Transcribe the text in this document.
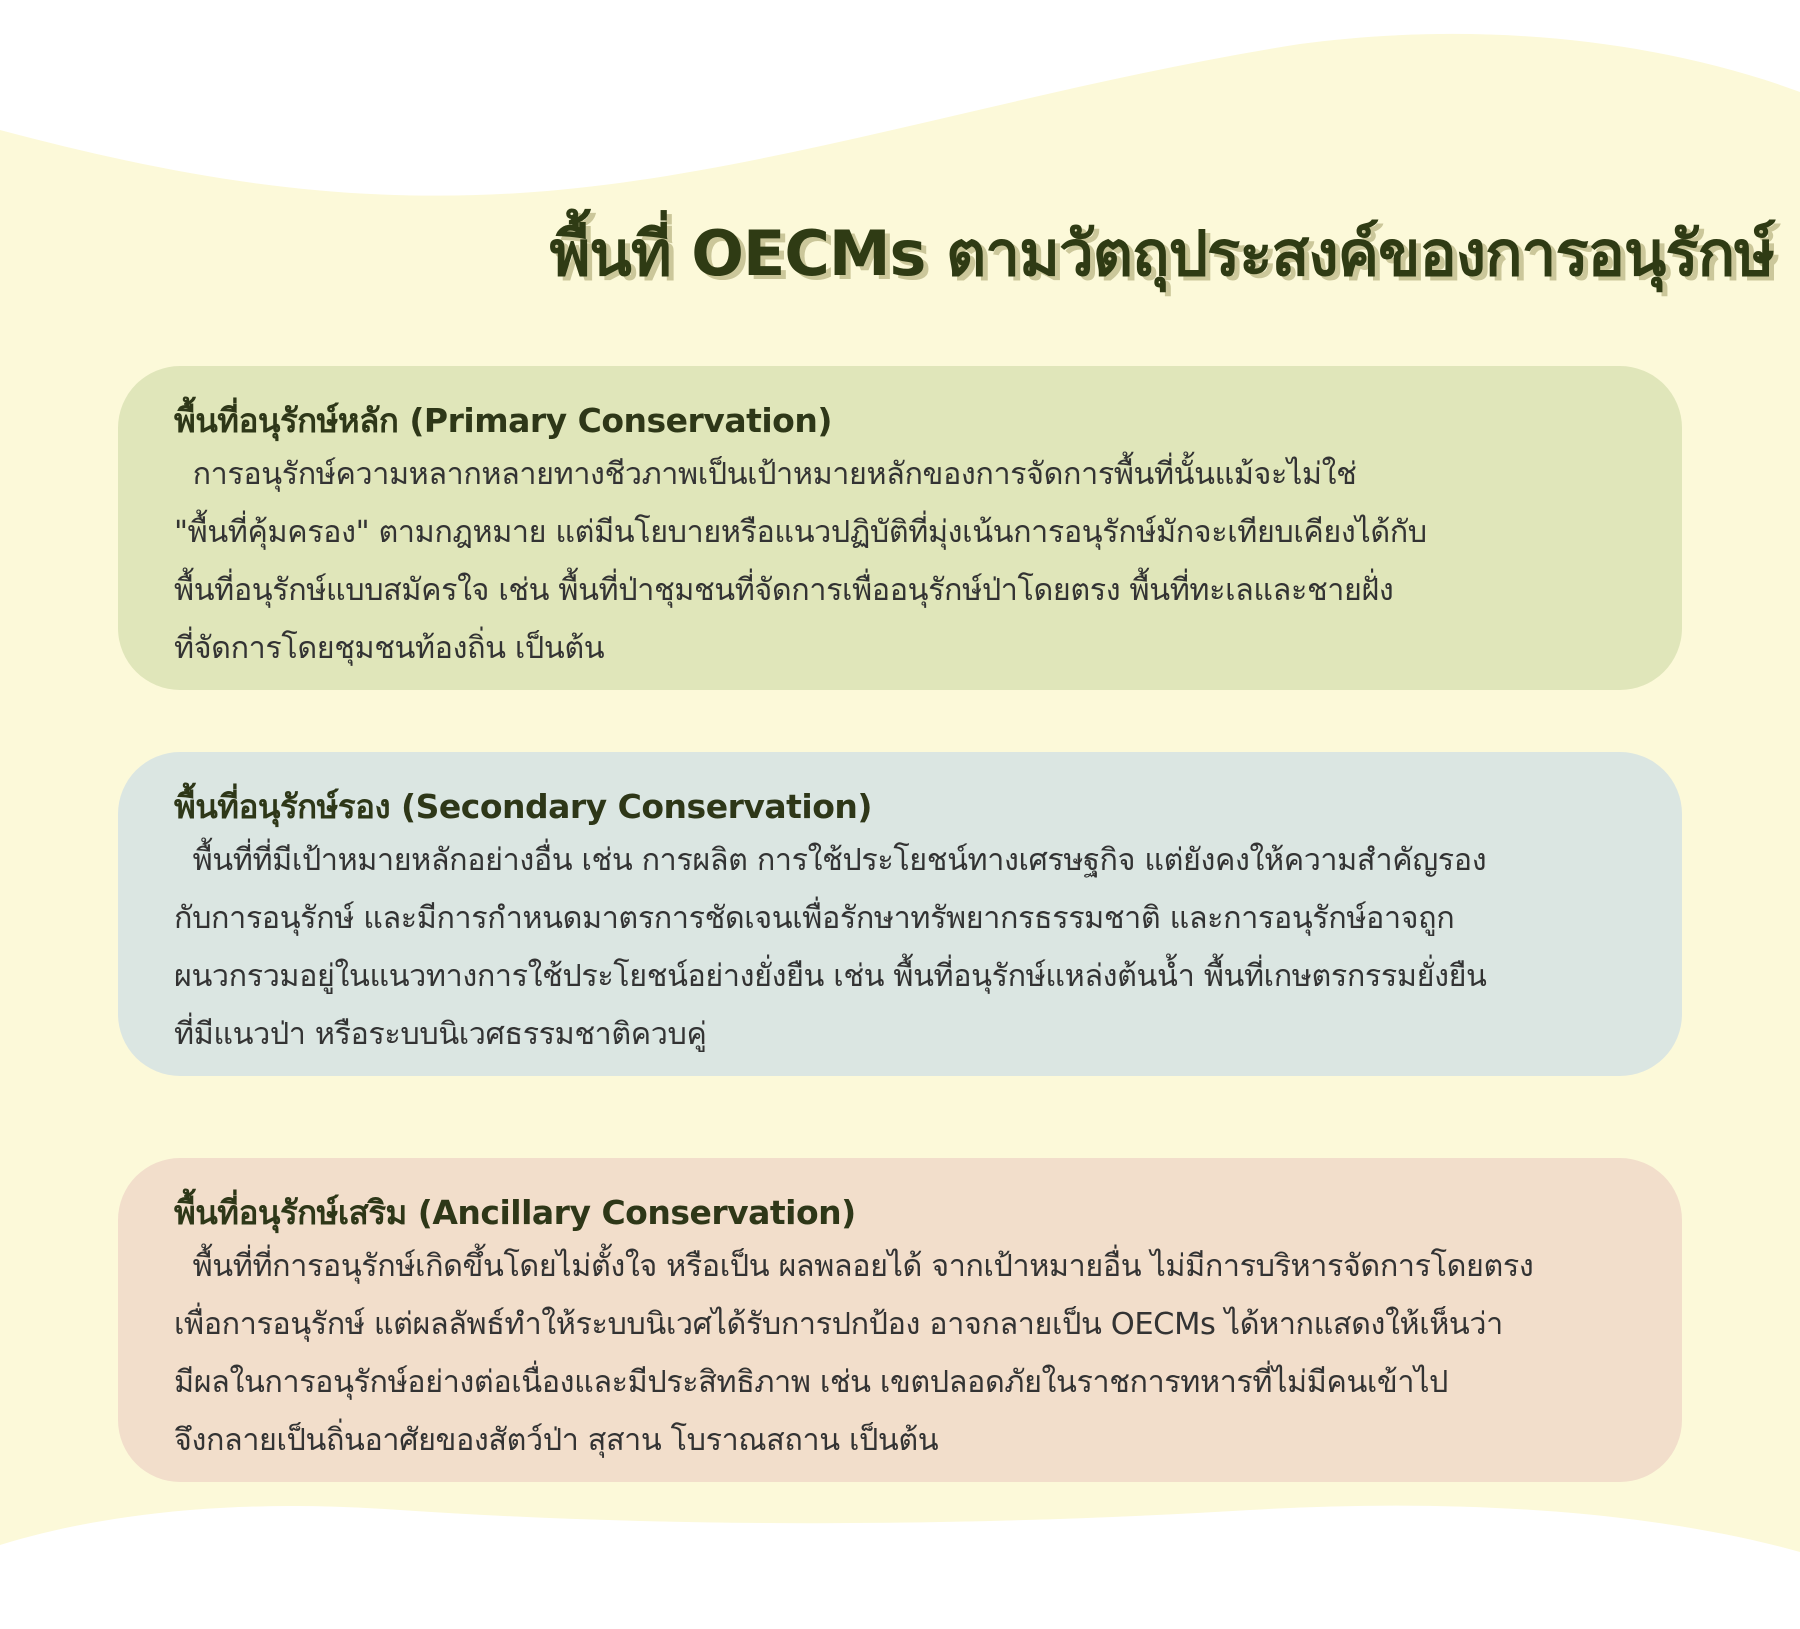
พื้นที่ OECMs ตามวัตถุประสงค์ของการอนุรักษ์
พื้นที่อนุรักษ์หลัก (Primary Conservation)

การอนุรักษ์ความหลากหลายทางชีวภาพเป็นเป้าหมายหลักของการจัดการพื้นที่นั้นแม้จะไม่ใช่
"พื้นที่คุ้มครอง" ตามกฎหมาย แต่มีนโยบายหรือแนวปฏิบัติที่มุ่งเน้นการอนุรักษ์มักจะเทียบเคียงได้กับ
พื้นที่อนุรักษ์แบบสมัครใจ เช่น พื้นที่ป่าชุมชนที่จัดการเพื่ออนุรักษ์ป่าโดยตรง พื้นที่ทะเลและชายฝั่ง
ที่จัดการโดยชุมชนท้องถิ่น เป็นต้น

พื้นที่อนุรักษ์รอง (Secondary Conservation)

พื้นที่ที่มีเป้าหมายหลักอย่างอื่น เช่น การผลิต การใช้ประโยชน์ทางเศรษฐกิจ แต่ยังคงให้ความสำคัญรอง
กับการอนุรักษ์ และมีการกำหนดมาตรการชัดเจนเพื่อรักษาทรัพยากรธรรมชาติ และการอนุรักษ์อาจถูก
ผนวกรวมอยู่ในแนวทางการใช้ประโยชน์อย่างยั่งยืน เช่น พื้นที่อนุรักษ์แหล่งต้นน้ำ พื้นที่เกษตรกรรมยั่งยืน
ที่มีแนวป่า หรือระบบนิเวศธรรมชาติควบคู่

พื้นที่อนุรักษ์เสริม (Ancillary Conservation)

พื้นที่ที่การอนุรักษ์เกิดขึ้นโดยไม่ตั้งใจ หรือเป็น ผลพลอยได้ จากเป้าหมายอื่น ไม่มีการบริหารจัดการโดยตรง
เพื่อการอนุรักษ์ แต่ผลลัพธ์ทำให้ระบบนิเวศได้รับการปกป้อง อาจกลายเป็น OECMs ได้หากแสดงให้เห็นว่า
มีผลในการอนุรักษ์อย่างต่อเนื่องและมีประสิทธิภาพ เช่น เขตปลอดภัยในราชการทหารที่ไม่มีคนเข้าไป
จึงกลายเป็นถิ่นอาศัยของสัตว์ป่า สุสาน โบราณสถาน เป็นต้น
